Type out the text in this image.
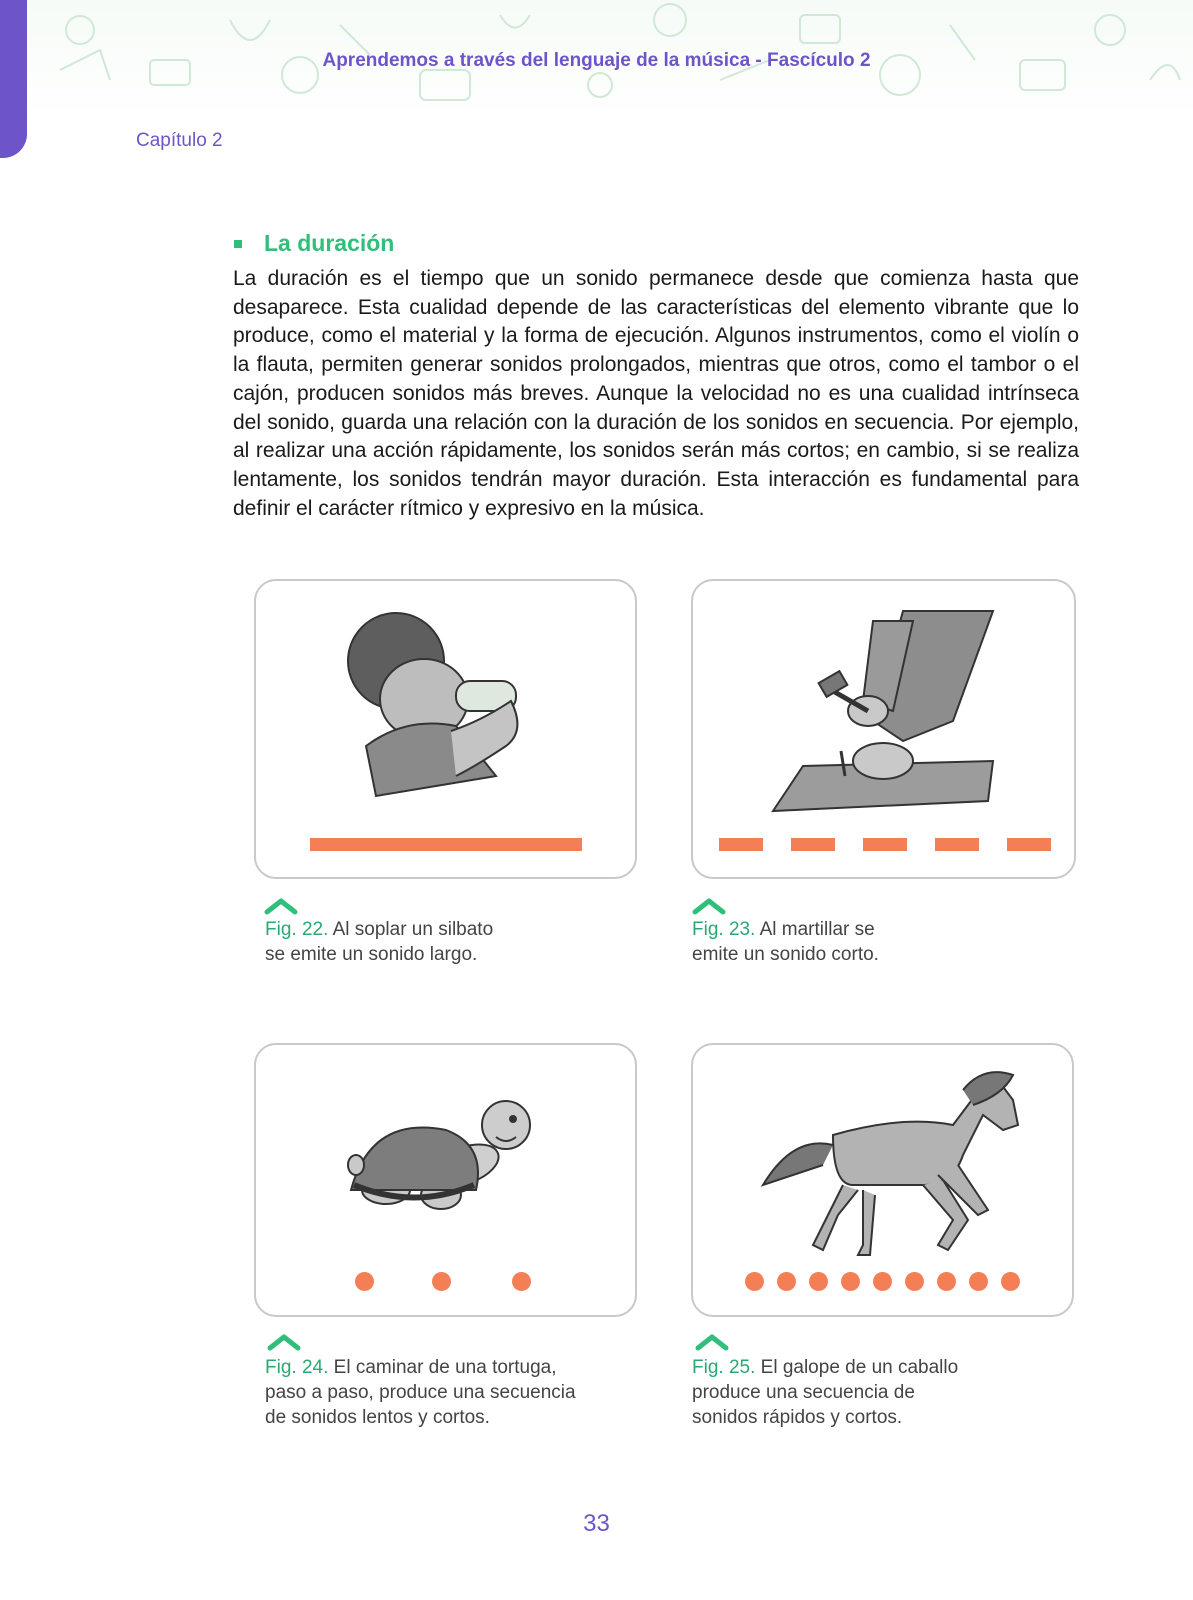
Aprendemos a través del lenguaje de la música - Fascículo 2
Capítulo 2
La duración
La duración es el tiempo que un sonido permanece desde que comienza hasta que desaparece. Esta cualidad depende de las características del elemento vibrante que lo produce, como el material y la forma de ejecución. Algunos instrumentos, como el violín o la flauta, permiten generar sonidos prolongados, mientras que otros, como el tambor o el cajón, producen sonidos más breves. Aunque la velocidad no es una cualidad intrínseca del sonido, guarda una relación con la duración de los sonidos en secuencia. Por ejemplo, al realizar una acción rápidamente, los sonidos serán más cortos; en cambio, si se realiza lentamente, los sonidos tendrán mayor duración. Esta interacción es fundamental para definir el carácter rítmico y expresivo en la música.
Fig. 22. Al soplar un silbato
se emite un sonido largo.
Fig. 23. Al martillar se
emite un sonido corto.
Fig. 24. El caminar de una tortuga,
paso a paso, produce una secuencia
de sonidos lentos y cortos.
Fig. 25. El galope de un caballo
produce una secuencia de
sonidos rápidos y cortos.
33
